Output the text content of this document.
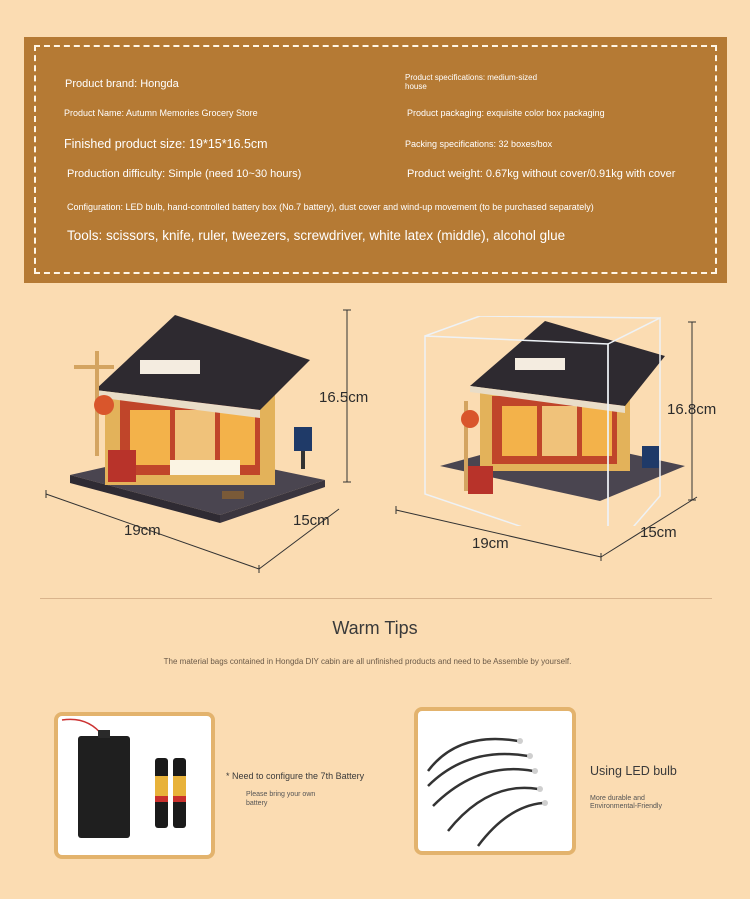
Product brand: Hongda
Product Name: Autumn Memories Grocery Store
Finished product size: 19*15*16.5cm
Production difficulty: Simple (need 10~30 hours)
Product specifications: medium-sized
house
Product packaging: exquisite color box packaging
Packing specifications: 32 boxes/box
Product weight: 0.67kg without cover/0.91kg with cover
Configuration: LED bulb, hand-controlled battery box (No.7 battery), dust cover and wind-up movement (to be purchased separately)
Tools: scissors, knife, ruler, tweezers, screwdriver, white latex (middle), alcohol glue
16.5cm
19cm
15cm
16.8cm
19cm
15cm
Warm Tips
The material bags contained in Hongda DIY cabin are all unfinished products and need to be Assemble by yourself.
* Need to configure the 7th Battery
Please bring your own
battery
Using LED bulb
More durable and
Environmental-Friendly
